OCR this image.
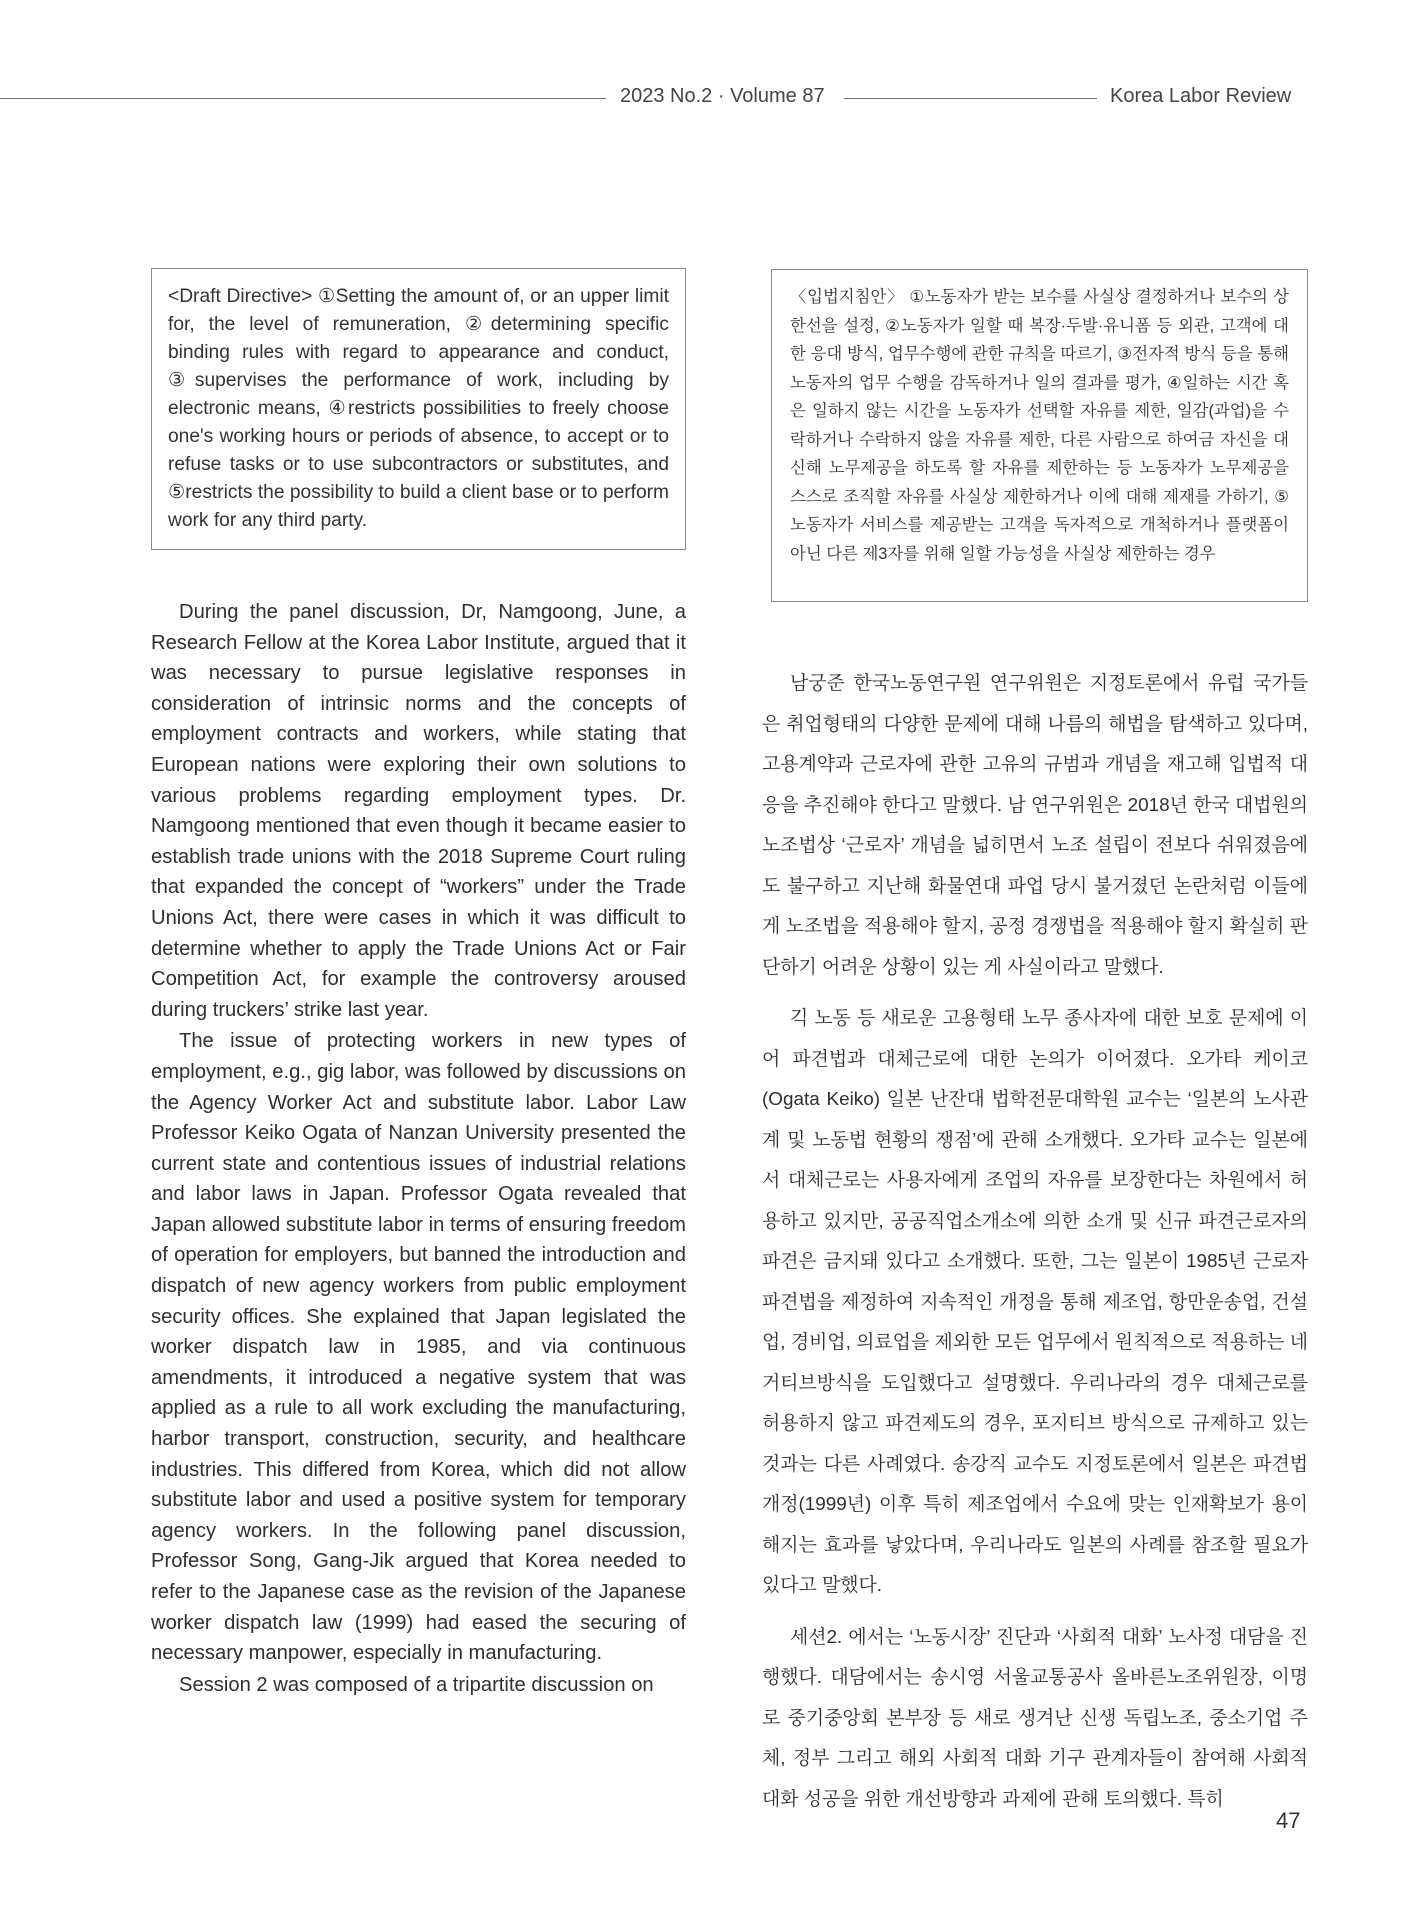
2023 No.2 · Volume 87	Korea Labor Review
<Draft Directive> ①Setting the amount of, or an upper limit for, the level of remuneration, ②determining specific binding rules with regard to appearance and conduct, ③supervises the performance of work, including by electronic means, ④restricts possibilities to freely choose one's working hours or periods of absence, to accept or to refuse tasks or to use subcontractors or substitutes, and ⑤restricts the possibility to build a client base or to perform work for any third party.
〈입법지침안〉 ①노동자가 받는 보수를 사실상 결정하거나 보수의 상한선을 설정, ②노동자가 일할 때 복장·두발·유니폼 등 외관, 고객에 대한 응대 방식, 업무수행에 관한 규칙을 따르기, ③전자적 방식 등을 통해 노동자의 업무 수행을 감독하거나 일의 결과를 평가, ④일하는 시간 혹은 일하지 않는 시간을 노동자가 선택할 자유를 제한, 일감(과업)을 수락하거나 수락하지 않을 자유를 제한, 다른 사람으로 하여금 자신을 대신해 노무제공을 하도록 할 자유를 제한하는 등 노동자가 노무제공을 스스로 조직할 자유를 사실상 제한하거나 이에 대해 제재를 가하기, ⑤노동자가 서비스를 제공받는 고객을 독자적으로 개척하거나 플랫폼이 아닌 다른 제3자를 위해 일할 가능성을 사실상 제한하는 경우

During the panel discussion, Dr, Namgoong, June, a Research Fellow at the Korea Labor Institute, argued that it was necessary to pursue legislative responses in consideration of intrinsic norms and the concepts of employment contracts and workers, while stating that European nations were exploring their own solutions to various problems regarding employment types. Dr. Namgoong mentioned that even though it became easier to establish trade unions with the 2018 Supreme Court ruling that expanded the concept of “workers” under the Trade Unions Act, there were cases in which it was difficult to determine whether to apply the Trade Unions Act or Fair Competition Act, for example the controversy aroused during truckers’ strike last year.

The issue of protecting workers in new types of employment, e.g., gig labor, was followed by discussions on the Agency Worker Act and substitute labor. Labor Law Professor Keiko Ogata of Nanzan University presented the current state and contentious issues of industrial relations and labor laws in Japan. Professor Ogata revealed that Japan allowed substitute labor in terms of ensuring freedom of operation for employers, but banned the introduction and dispatch of new agency workers from public employment security offices. She explained that Japan legislated the worker dispatch law in 1985, and via continuous amendments, it introduced a negative system that was applied as a rule to all work excluding the manufacturing, harbor transport, construction, security, and healthcare industries. This differed from Korea, which did not allow substitute labor and used a positive system for temporary agency workers. In the following panel discussion, Professor Song, Gang-Jik argued that Korea needed to refer to the Japanese case as the revision of the Japanese worker dispatch law (1999) had eased the securing of necessary manpower, especially in manufacturing.

Session 2 was composed of a tripartite discussion on

남궁준 한국노동연구원 연구위원은 지정토론에서 유럽 국가들은 취업형태의 다양한 문제에 대해 나름의 해법을 탐색하고 있다며, 고용계약과 근로자에 관한 고유의 규범과 개념을 재고해 입법적 대응을 추진해야 한다고 말했다. 남 연구위원은 2018년 한국 대법원의 노조법상 ‘근로자’ 개념을 넓히면서 노조 설립이 전보다 쉬워졌음에도 불구하고 지난해 화물연대 파업 당시 불거졌던 논란처럼 이들에게 노조법을 적용해야 할지, 공정 경쟁법을 적용해야 할지 확실히 판단하기 어려운 상황이 있는 게 사실이라고 말했다.

긱 노동 등 새로운 고용형태 노무 종사자에 대한 보호 문제에 이어 파견법과 대체근로에 대한 논의가 이어졌다. 오가타 케이코(Ogata Keiko) 일본 난잔대 법학전문대학원 교수는 ‘일본의 노사관계 및 노동법 현황의 쟁점’에 관해 소개했다. 오가타 교수는 일본에서 대체근로는 사용자에게 조업의 자유를 보장한다는 차원에서 허용하고 있지만, 공공직업소개소에 의한 소개 및 신규 파견근로자의 파견은 금지돼 있다고 소개했다. 또한, 그는 일본이 1985년 근로자파견법을 제정하여 지속적인 개정을 통해 제조업, 항만운송업, 건설업, 경비업, 의료업을 제외한 모든 업무에서 원칙적으로 적용하는 네거티브방식을 도입했다고 설명했다. 우리나라의 경우 대체근로를 허용하지 않고 파견제도의 경우, 포지티브 방식으로 규제하고 있는 것과는 다른 사례였다. 송강직 교수도 지정토론에서 일본은 파견법 개정(1999년) 이후 특히 제조업에서 수요에 맞는 인재확보가 용이해지는 효과를 낳았다며, 우리나라도 일본의 사례를 참조할 필요가 있다고 말했다.

세션2. 에서는 ‘노동시장’ 진단과 ‘사회적 대화’ 노사정 대담을 진행했다. 대담에서는 송시영 서울교통공사 올바른노조위원장, 이명로 중기중앙회 본부장 등 새로 생겨난 신생 독립노조, 중소기업 주체, 정부 그리고 해외 사회적 대화 기구 관계자들이 참여해 사회적 대화 성공을 위한 개선방향과 과제에 관해 토의했다. 특히

47
